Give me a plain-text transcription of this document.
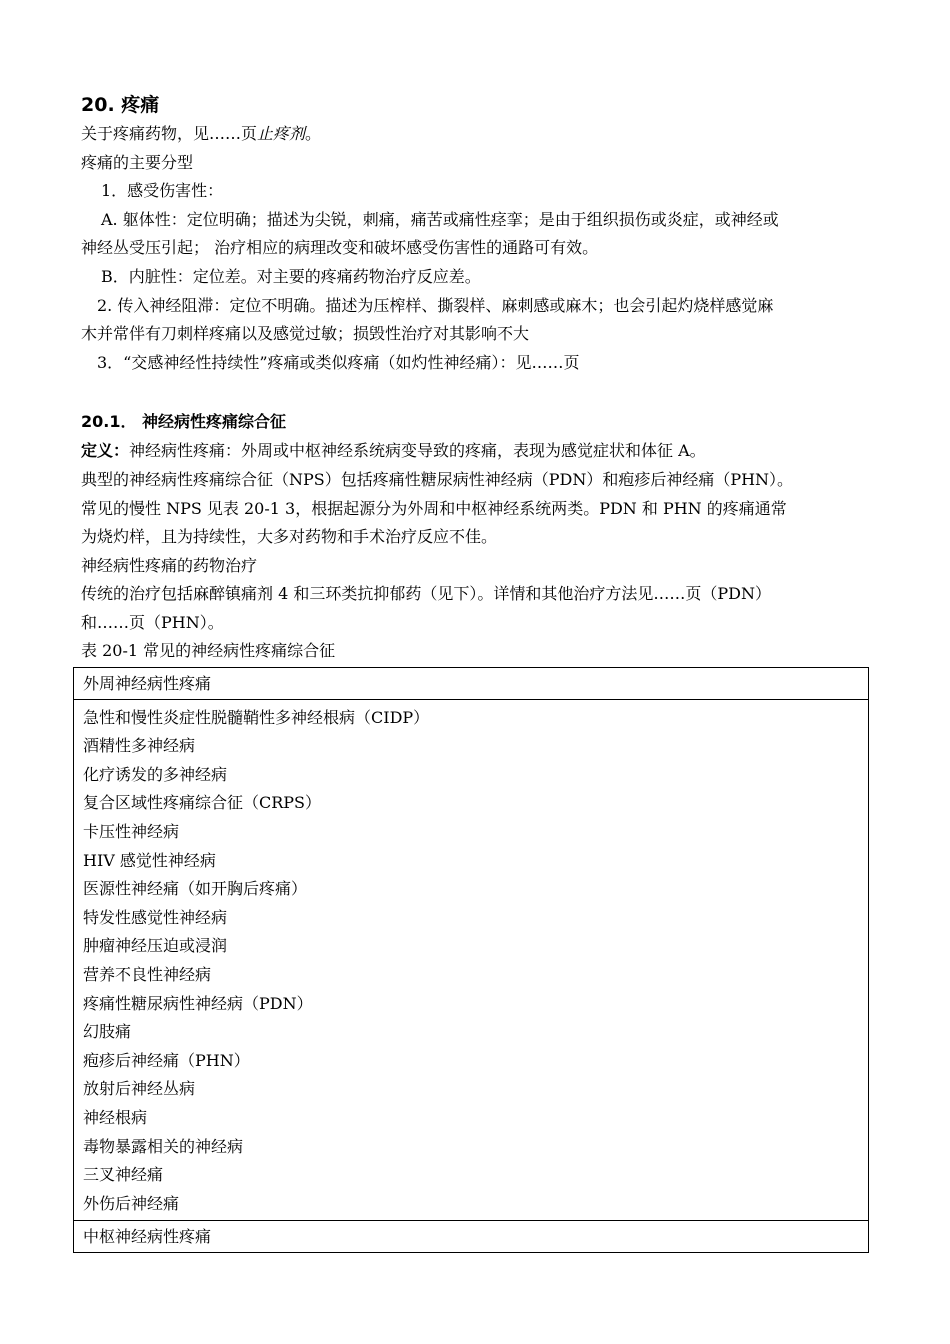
20. 疼痛

关于疼痛药物，见……页止疼剂。

疼痛的主要分型

1．感受伤害性：

A. 躯体性：定位明确；描述为尖锐，刺痛，痛苦或痛性痉挛；是由于组织损伤或炎症，或神经或

神经丛受压引起； 治疗相应的病理改变和破坏感受伤害性的通路可有效。

B．内脏性：定位差。对主要的疼痛药物治疗反应差。

2. 传入神经阻滞：定位不明确。描述为压榨样、撕裂样、麻刺感或麻木；也会引起灼烧样感觉麻

木并常伴有刀刺样疼痛以及感觉过敏；损毁性治疗对其影响不大

3．“交感神经性持续性”疼痛或类似疼痛（如灼性神经痛）：见……页

20.1． 神经病性疼痛综合征

定义：神经病性疼痛：外周或中枢神经系统病变导致的疼痛，表现为感觉症状和体征 A。

典型的神经病性疼痛综合征（NPS）包括疼痛性糖尿病性神经病（PDN）和疱疹后神经痛（PHN）。

常见的慢性 NPS 见表 20-1 3，根据起源分为外周和中枢神经系统两类。PDN 和 PHN 的疼痛通常

为烧灼样，且为持续性，大多对药物和手术治疗反应不佳。

神经病性疼痛的药物治疗

传统的治疗包括麻醉镇痛剂 4 和三环类抗抑郁药（见下）。详情和其他治疗方法见……页（PDN）

和……页（PHN）。

表 20-1 常见的神经病性疼痛综合征

外周神经病性疼痛

急性和慢性炎症性脱髓鞘性多神经根病（CIDP）
酒精性多神经病
化疗诱发的多神经病
复合区域性疼痛综合征（CRPS）
卡压性神经病
HIV 感觉性神经病
医源性神经痛（如开胸后疼痛）
特发性感觉性神经病
肿瘤神经压迫或浸润
营养不良性神经病
疼痛性糖尿病性神经病（PDN）
幻肢痛
疱疹后神经痛（PHN）
放射后神经丛病
神经根病
毒物暴露相关的神经病
三叉神经痛
外伤后神经痛

中枢神经病性疼痛
